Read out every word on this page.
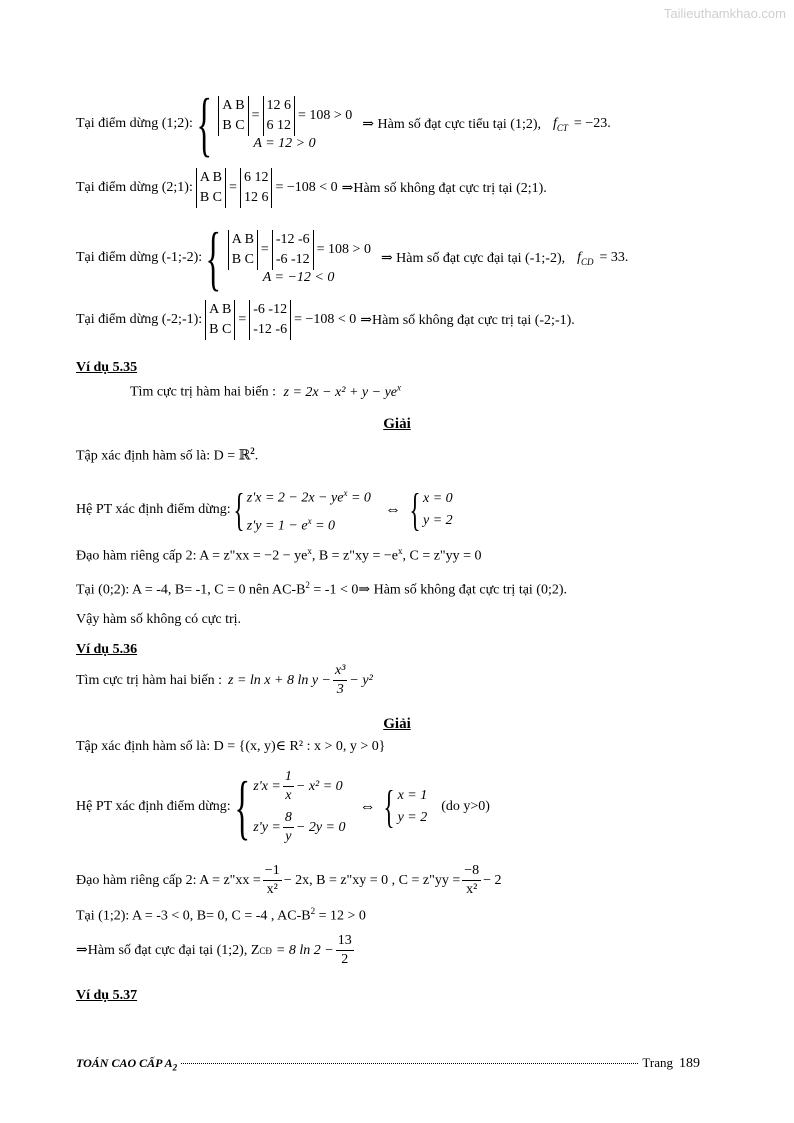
Tailieuthamkhao.com
Tại điểm dừng (1;2): { A B
B C
=
12 6
6 12
= 108 > 0
A = 12 > 0
⇒ Hàm số đạt cực tiểu tại (1;2), $f_{CT} = -23$.
Tại điểm dừng (2;1):
A B
B C
=
6 12
12 6
= −108 < 0 ⇒Hàm số không đạt cực trị tại (2;1).
Tại điểm dừng (-1;-2): { A B
B C
=
-12 -6
-6 -12
= 108 > 0
A = −12 < 0
⇒ Hàm số đạt cực đại tại (-1;-2), $f_{CD} = 33$.
Tại điểm dừng (-2;-1):
A B
B C
=
-6 -12
-12 -6
= −108 < 0 ⇒Hàm số không đạt cực trị tại (-2;-1).
Ví dụ 5.35
Tìm cực trị hàm hai biến : $z = 2x - x^2 + y - ye^x$
Giải
Tập xác định hàm số là: D = ℝ$^2$.
Hệ PT xác định điểm dừng: { $z'x = 2 - 2x - ye^x = 0$
$z'y = 1 - e^x = 0$
⇔ { x = 0
y = 2
Đạo hàm riêng cấp 2: A = z"xx = $-2 - ye^x$, B = z"xy = $-e^x$, C = z"yy = 0
Tại (0;2): A = -4, B= -1, C = 0 nên $AC-B^2 = -1$ < 0⇒ Hàm số không đạt cực trị tại (0;2).
Vậy hàm số không có cực trị.
Ví dụ 5.36
Tìm cực trị hàm hai biến : z = ln x + 8 $\ln y - \frac{\text{x³}}{3} - y^2$
Giải
Tập xác định hàm số là: D = {(x, y)∈ R² : x > 0, y > 0}
Hệ PT xác định điểm dừng: { $z'x = \frac{1}{x} - x^2 = 0$
$z'y = \frac{8}{y} - 2y = 0$
⇔ { x = 1
y = 2
(do y>0)
Đạo hàm riêng cấp 2: A = z"xx = $\frac{-1}{\text{x²}} - 2x$ , B = z"xy = 0 , C = z"yy = $\frac{-8}{\text{x²}} - 2$
Tại (1;2): A = -3 < 0, B= 0, C = -4 , $AC-B^2 = 12 > 0$
⇒Hàm số đạt cực đại tại (1;2), Z CĐ = 8 $\ln 2 - \frac{13}{2}$
Ví dụ 5.37
TOÁN CAO CẤP $A_2$	Trang 189
